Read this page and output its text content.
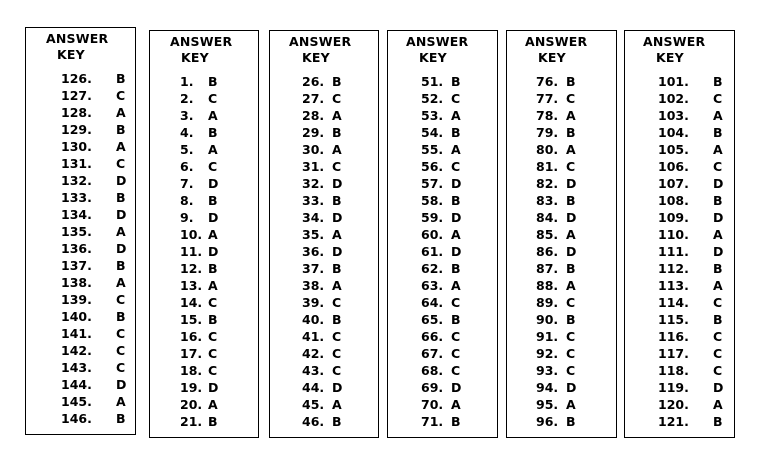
ANSWER
KEY
126. B
127. C
128. A
129. B
130. A
131. C
132. D
133. B
134. D
135. A
136. D
137. B
138. A
139. C
140. B
141. C
142. C
143. C
144. D
145. A
146. B
ANSWER
KEY
1. B
2. C
3. A
4. B
5. A
6. C
7. D
8. B
9. D
10. A
11. D
12. B
13. A
14. C
15. B
16. C
17. C
18. C
19. D
20. A
21. B
ANSWER
KEY
26. B
27. C
28. A
29. B
30. A
31. C
32. D
33. B
34. D
35. A
36. D
37. B
38. A
39. C
40. B
41. C
42. C
43. C
44. D
45. A
46. B
ANSWER
KEY
51. B
52. C
53. A
54. B
55. A
56. C
57. D
58. B
59. D
60. A
61. D
62. B
63. A
64. C
65. B
66. C
67. C
68. C
69. D
70. A
71. B
ANSWER
KEY
76. B
77. C
78. A
79. B
80. A
81. C
82. D
83. B
84. D
85. A
86. D
87. B
88. A
89. C
90. B
91. C
92. C
93. C
94. D
95. A
96. B
ANSWER
KEY
101. B
102. C
103. A
104. B
105. A
106. C
107. D
108. B
109. D
110. A
111. D
112. B
113. A
114. C
115. B
116. C
117. C
118. C
119. D
120. A
121. B
